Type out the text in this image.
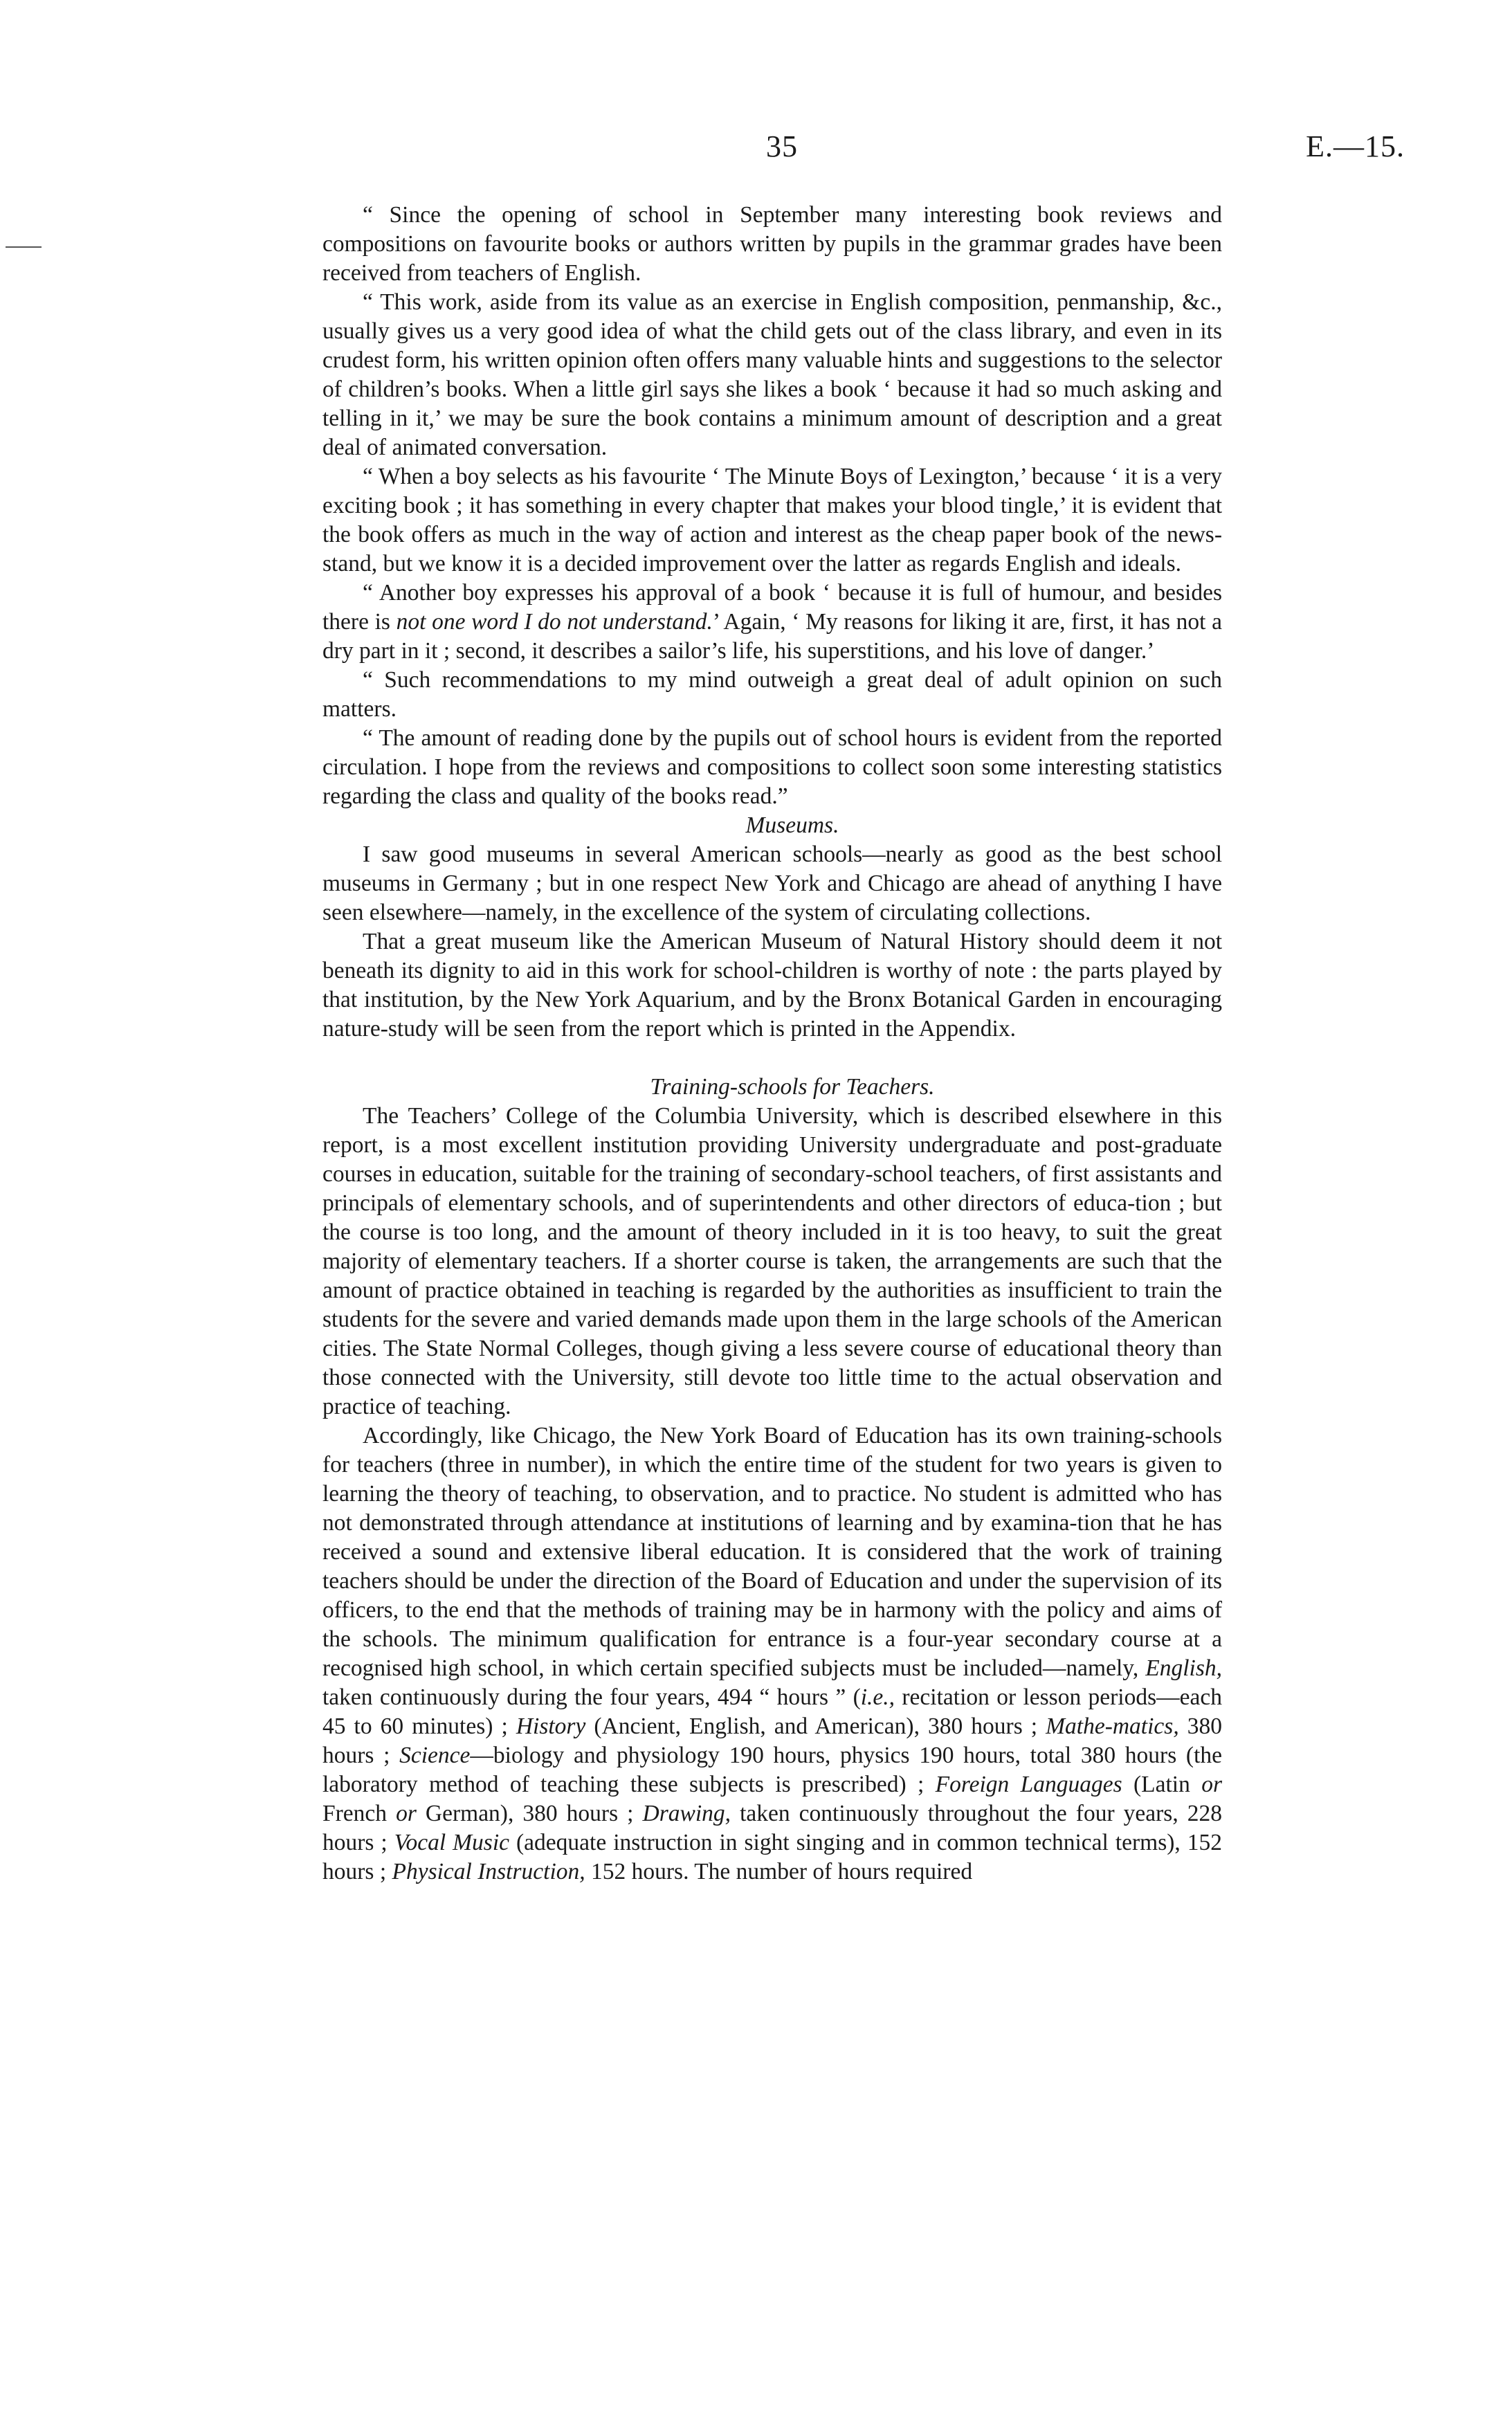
35	E.—15.

“ Since the opening of school in September many interesting book reviews and compositions on favourite books or authors written by pupils in the grammar grades have been received from teachers of English.

“ This work, aside from its value as an exercise in English composition, penmanship, &c., usually gives us a very good idea of what the child gets out of the class library, and even in its crudest form, his written opinion often offers many valuable hints and suggestions to the selector of children’s books. When a little girl says she likes a book ‘ because it had so much asking and telling in it,’ we may be sure the book contains a minimum amount of description and a great deal of animated conversation.

“ When a boy selects as his favourite ‘ The Minute Boys of Lexington,’ because ‘ it is a very exciting book ; it has something in every chapter that makes your blood tingle,’ it is evident that the book offers as much in the way of action and interest as the cheap paper book of the news-stand, but we know it is a decided improvement over the latter as regards English and ideals.

“ Another boy expresses his approval of a book ‘ because it is full of humour, and besides there is not one word I do not understand.’ Again, ‘ My reasons for liking it are, first, it has not a dry part in it ; second, it describes a sailor’s life, his superstitions, and his love of danger.’

“ Such recommendations to my mind outweigh a great deal of adult opinion on such matters.

“ The amount of reading done by the pupils out of school hours is evident from the reported circulation. I hope from the reviews and compositions to collect soon some interesting statistics regarding the class and quality of the books read.”

Museums.

I saw good museums in several American schools—nearly as good as the best school museums in Germany ; but in one respect New York and Chicago are ahead of anything I have seen elsewhere—namely, in the excellence of the system of circulating collections.

That a great museum like the American Museum of Natural History should deem it not beneath its dignity to aid in this work for school-children is worthy of note : the parts played by that institution, by the New York Aquarium, and by the Bronx Botanical Garden in encouraging nature-study will be seen from the report which is printed in the Appendix.

Training-schools for Teachers.

The Teachers’ College of the Columbia University, which is described elsewhere in this report, is a most excellent institution providing University undergraduate and post-graduate courses in education, suitable for the training of secondary-school teachers, of first assistants and principals of elementary schools, and of superintendents and other directors of educa-tion ; but the course is too long, and the amount of theory included in it is too heavy, to suit the great majority of elementary teachers. If a shorter course is taken, the arrangements are such that the amount of practice obtained in teaching is regarded by the authorities as insufficient to train the students for the severe and varied demands made upon them in the large schools of the American cities. The State Normal Colleges, though giving a less severe course of educational theory than those connected with the University, still devote too little time to the actual observation and practice of teaching.

Accordingly, like Chicago, the New York Board of Education has its own training-schools for teachers (three in number), in which the entire time of the student for two years is given to learning the theory of teaching, to observation, and to practice. No student is admitted who has not demonstrated through attendance at institutions of learning and by examina-tion that he has received a sound and extensive liberal education. It is considered that the work of training teachers should be under the direction of the Board of Education and under the supervision of its officers, to the end that the methods of training may be in harmony with the policy and aims of the schools. The minimum qualification for entrance is a four-year secondary course at a recognised high school, in which certain specified subjects must be included—namely, English, taken continuously during the four years, 494 “ hours ” (i.e., recitation or lesson periods—each 45 to 60 minutes) ; History (Ancient, English, and American), 380 hours ; Mathe-matics, 380 hours ; Science—biology and physiology 190 hours, physics 190 hours, total 380 hours (the laboratory method of teaching these subjects is prescribed) ; Foreign Languages (Latin or French or German), 380 hours ; Drawing, taken continuously throughout the four years, 228 hours ; Vocal Music (adequate instruction in sight singing and in common technical terms), 152 hours ; Physical Instruction, 152 hours. The number of hours required
